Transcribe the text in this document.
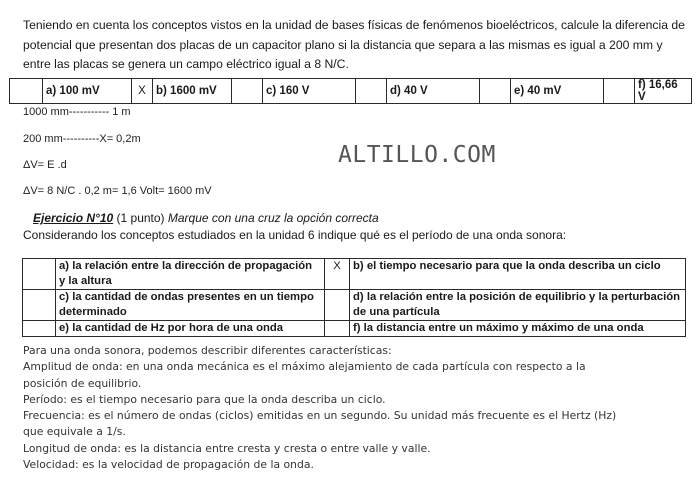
Teniendo en cuenta los conceptos vistos en la unidad de bases físicas de fenómenos bioeléctricos, calcule la diferencia de potencial que presentan dos placas de un capacitor plano si la distancia que separa a las mismas es igual a 200 mm y entre las placas se genera un campo eléctrico igual a 8 N/C.
	a) 100 mV	X	b) 1600 mV		c) 160 V		d) 40 V		e) 40 mV		f) 16,66 V
1000 mm----------- 1 m
200 mm----------X= 0,2m
ΔV= E .d
ΔV= 8 N/C . 0,2 m= 1,6 Volt= 1600 mV
ALTILLO.COM
Ejercicio N°10 (1 punto) Marque con una cruz la opción correcta
Considerando los conceptos estudiados en la unidad 6 indique qué es el período de una onda sonora:
	a) la relación entre la dirección de propagación y la altura	X	b) el tiempo necesario para que la onda describa un ciclo
	c) la cantidad de ondas presentes en un tiempo determinado		d) la relación entre la posición de equilibrio y la perturbación de una partícula
	e) la cantidad de Hz por hora de una onda		f) la distancia entre un máximo y máximo de una onda
Para una onda sonora, podemos describir diferentes características:
Amplitud de onda: en una onda mecánica es el máximo alejamiento de cada partícula con respecto a la
posición de equilibrio.
Período: es el tiempo necesario para que la onda describa un ciclo.
Frecuencia: es el número de ondas (ciclos) emitidas en un segundo. Su unidad más frecuente es el Hertz (Hz)
que equivale a 1/s.
Longitud de onda: es la distancia entre cresta y cresta o entre valle y valle.
Velocidad: es la velocidad de propagación de la onda.
